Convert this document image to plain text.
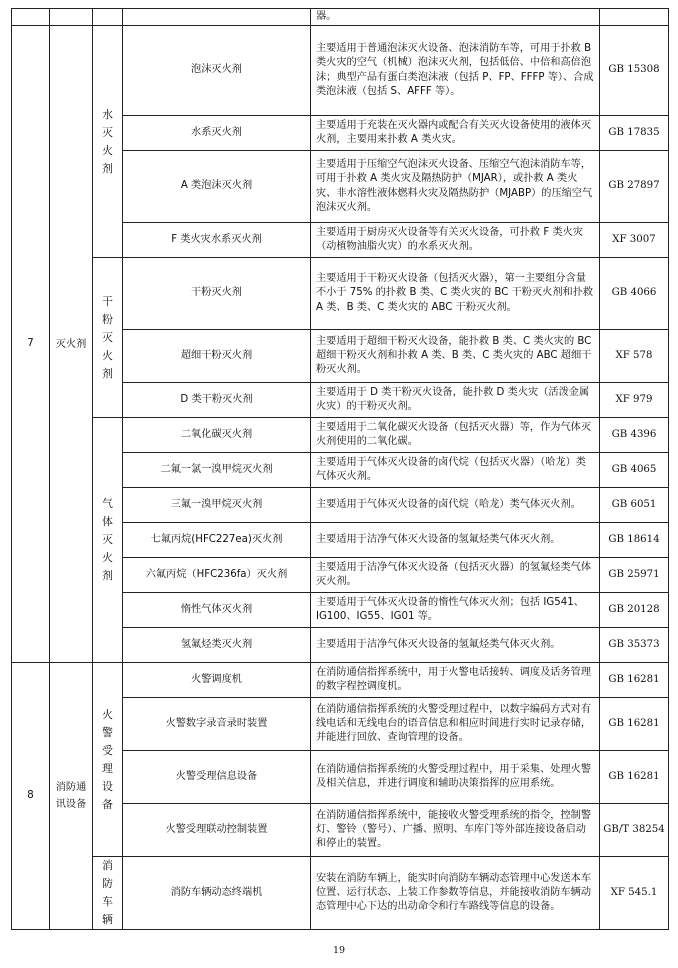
		器。	
7	灭火剂	水灭火剂	泡沫灭火剂	主要适用于普通泡沫灭火设备、泡沫消防车等，可用于扑救 B 类火灾的空气（机械）泡沫灭火剂，包括低倍、中倍和高倍泡沫；典型产品有蛋白类泡沫液（包括 P、FP、FFFP 等）、合成类泡沫液（包括 S、AFFF 等）。	GB 15308
			水系灭火剂	主要适用于充装在灭火器内或配合有关灭火设备使用的液体灭火剂，主要用来扑救 A 类火灾。	GB 17835
			A 类泡沫灭火剂	主要适用于压缩空气泡沫灭火设备、压缩空气泡沫消防车等，可用于扑救 A 类火灾及隔热防护（MJAR），或扑救 A 类火灾、非水溶性液体燃料火灾及隔热防护（MJABP）的压缩空气泡沫灭火剂。	GB 27897
			F 类火灾水系灭火剂	主要适用于厨房灭火设备等有关灭火设备，可扑救 F 类火灾（动植物油脂火灾）的水系灭火剂。	XF 3007

		干粉灭火剂	干粉灭火剂	主要适用于干粉灭火设备（包括灭火器），第一主要组分含量不小于 75% 的扑救 B 类、C 类火灾的 BC 干粉灭火剂和扑救 A 类、B 类、C 类火灾的 ABC 干粉灭火剂。	GB 4066
			超细干粉灭火剂	主要适用于超细干粉灭火设备，能扑救 B 类、C 类火灾的 BC 超细干粉灭火剂和扑救 A 类、B 类、C 类火灾的 ABC 超细干粉灭火剂。	XF 578
			D 类干粉灭火剂	主要适用于 D 类干粉灭火设备，能扑救 D 类火灾（活泼金属火灾）的干粉灭火剂。	XF 979

		气体灭火剂	二氧化碳灭火剂	主要适用于二氧化碳灭火设备（包括灭火器）等，作为气体灭火剂使用的二氧化碳。	GB 4396
			二氟一氯一溴甲烷灭火剂	主要适用于气体灭火设备的卤代烷（包括灭火器）（哈龙）类气体灭火剂。	GB 4065
			三氟一溴甲烷灭火剂	主要适用于气体灭火设备的卤代烷（哈龙）类气体灭火剂。	GB 6051
			七氟丙烷(HFC227ea)灭火剂	主要适用于洁净气体灭火设备的氢氟烃类气体灭火剂。	GB 18614
			六氟丙烷（HFC236fa）灭火剂	主要适用于洁净气体灭火设备（包括灭火器）的氢氟烃类气体灭火剂。	GB 25971
			惰性气体灭火剂	主要适用于气体灭火设备的惰性气体灭火剂；包括 IG541、IG100、IG55、IG01 等。	GB 20128
			氢氟烃类灭火剂	主要适用于洁净气体灭火设备的氢氟烃类气体灭火剂。	GB 35373
8	消防通讯设备	火警受理设备	火警调度机	在消防通信指挥系统中，用于火警电话接转、调度及话务管理的数字程控调度机。	GB 16281
			火警数字录音录时装置	在消防通信指挥系统的火警受理过程中，以数字编码方式对有线电话和无线电台的语音信息和相应时间进行实时记录存储，并能进行回放、查询管理的设备。	GB 16281
			火警受理信息设备	在消防通信指挥系统的火警受理过程中，用于采集、处理火警及相关信息，并进行调度和辅助决策指挥的应用系统。	GB 16281
			火警受理联动控制装置	在消防通信指挥系统中，能接收火警受理系统的指令，控制警灯、警铃（警号）、广播、照明、车库门等外部连接设备启动和停止的装置。	GB/T 38254

		消防车辆	消防车辆动态终端机	安装在消防车辆上，能实时向消防车辆动态管理中心发送本车位置、运行状态、上装工作参数等信息，并能接收消防车辆动态管理中心下达的出动命令和行车路线等信息的设备。	XF 545.1
19
